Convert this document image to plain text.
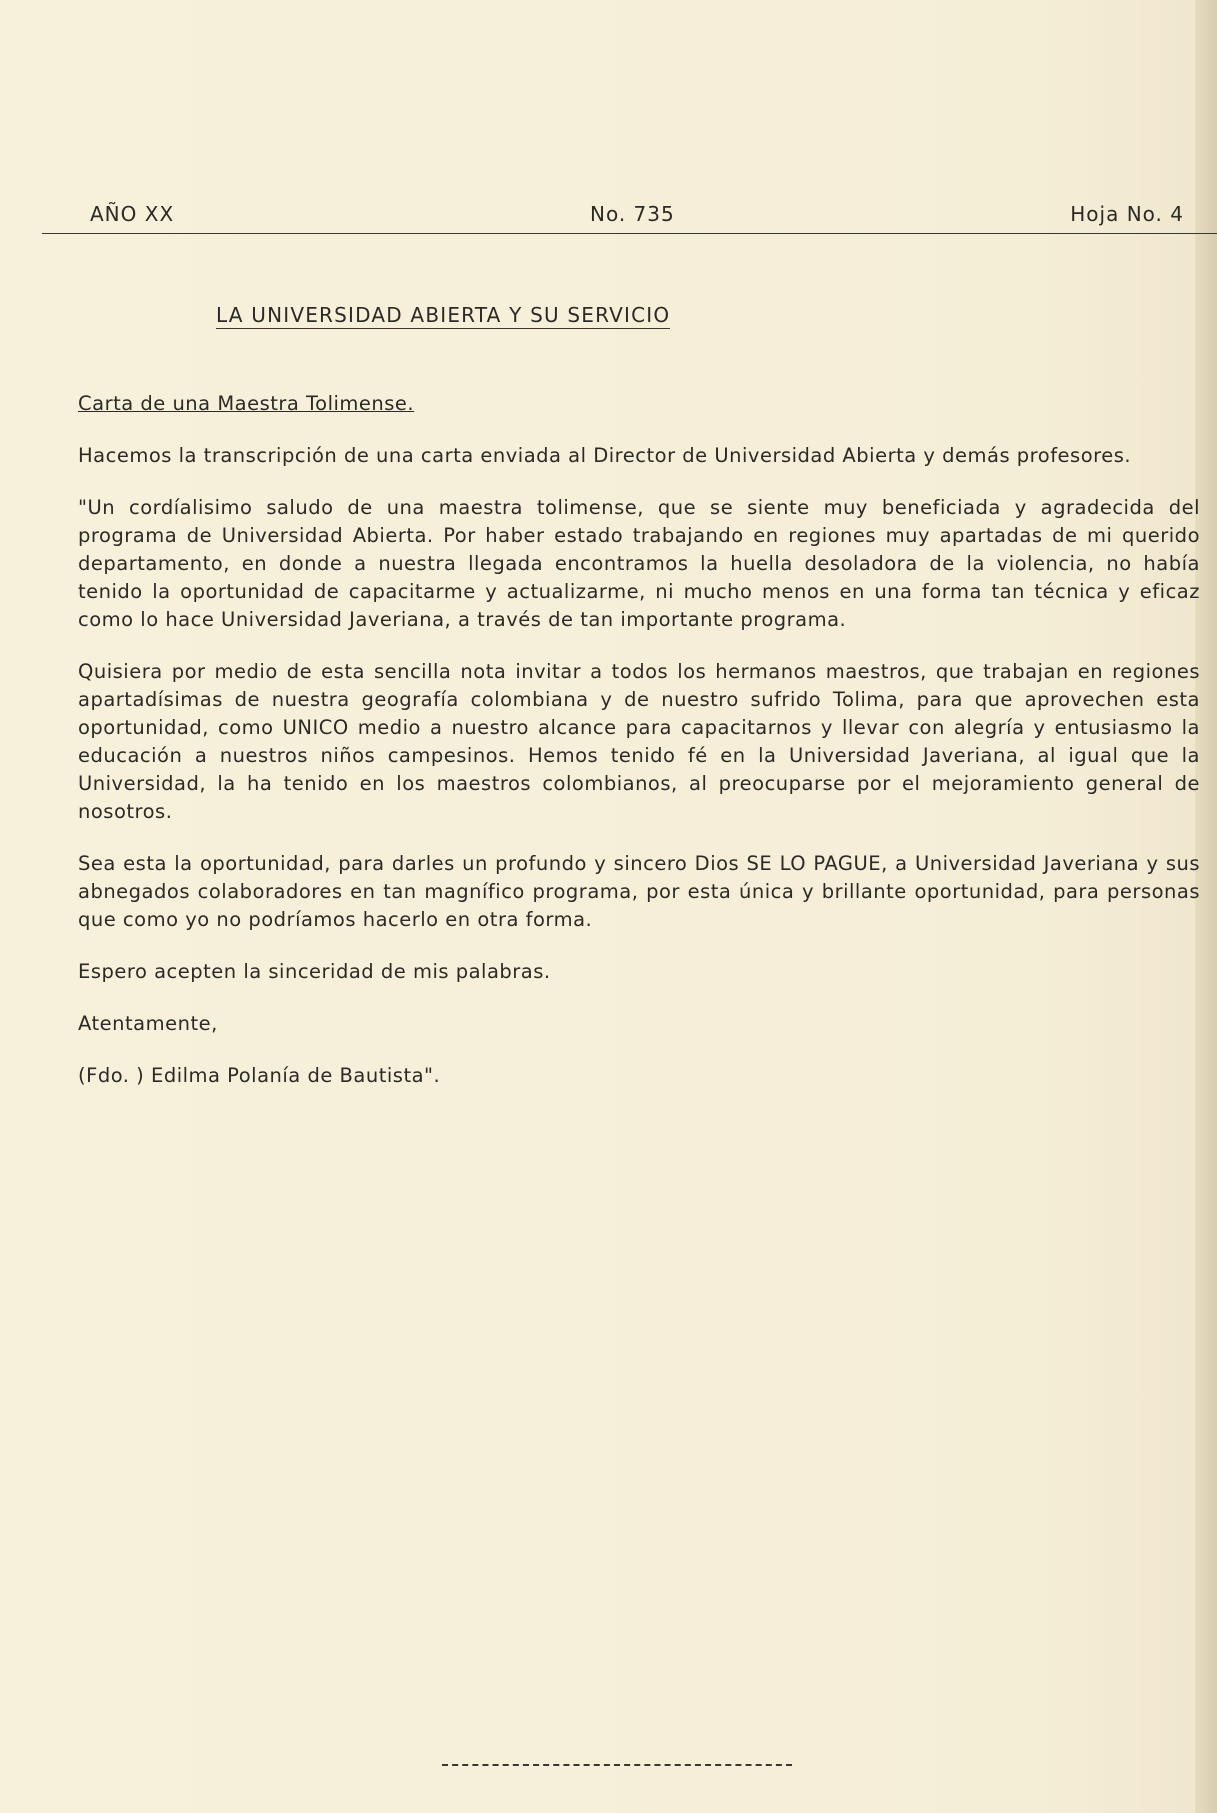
AÑO XX	No. 735	Hoja No. 4
LA UNIVERSIDAD ABIERTA Y SU SERVICIO

Carta de una Maestra Tolimense.

Hacemos la transcripción de una carta enviada al Director de Universidad Abierta y demás profesores.

"Un cordíalisimo saludo de una maestra tolimense, que se siente muy beneficiada y agradecida del programa de Universidad Abierta. Por haber estado trabajando en regiones muy apartadas de mi querido departamento, en donde a nuestra llegada encontramos la huella desoladora de la violencia, no había tenido la oportunidad de capacitarme y actualizarme, ni mucho menos en una forma tan técnica y eficaz como lo hace Universidad Javeriana, a través de tan importante programa.

Quisiera por medio de esta sencilla nota invitar a todos los hermanos maestros, que trabajan en regiones apartadísimas de nuestra geografía colombiana y de nuestro sufrido Tolima, para que aprovechen esta oportunidad, como UNICO medio a nuestro alcance para capacitarnos y llevar con alegría y entusiasmo la educación a nuestros niños campesinos. Hemos tenido fé en la Universidad Javeriana, al igual que la Universidad, la ha tenido en los maestros colombianos, al preocuparse por el mejoramiento general de nosotros.

Sea esta la oportunidad, para darles un profundo y sincero Dios SE LO PAGUE, a Universidad Javeriana y sus abnegados colaboradores en tan magnífico programa, por esta única y brillante oportunidad, para personas que como yo no podríamos hacerlo en otra forma.

Espero acepten la sinceridad de mis palabras.

Atentamente,

(Fdo. ) Edilma Polanía de Bautista".
